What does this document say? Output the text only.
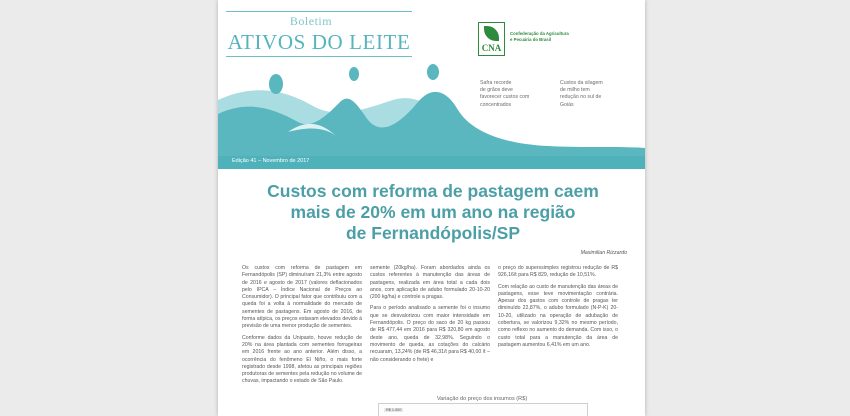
Boletim
ATIVOS DO LEITE	CNA
Confederação da Agricultura
e Pecuária do Brasil
Safra recorde
de grãos deve
favorecer custos com
concentrados
Custos da silagem
de milho tem
redução no sul de
Goiás
Edição 41 – Novembro de 2017
Custos com reforma de pastagem caem
mais de 20% em um ano na região
de Fernandópolis/SP
Maximilian Rizzardo

Os custos com reforma de pastagem em Fernandópolis (SP) diminuíram 21,3% entre agosto de 2016 e agosto de 2017 (valores deflacionados pelo IPCA – Índice Nacional de Preços ao Consumidor). O principal fator que contribuiu com a queda foi a volta à normalidade do mercado de sementes de pastagens. Em agosto de 2016, de forma atípica, os preços estavam elevados devido à previsão de uma menor produção de sementes.

Conforme dados da Unipasto, houve redução de 20% na área plantada com sementes forrageiras em 2016 frente ao ano anterior. Além disso, a ocorrência do fenômeno El Niño, o mais forte registrado desde 1998, afetou as principais regiões produtoras de sementes pela redução no volume de chuvas, impactando o estado de São Paulo.

semente (20kg/ha). Foram abordados ainda os custos referentes à manutenção das áreas de pastagens, realizada em área total a cada dois anos, com aplicação de adubo formulado 20-10-20 (200 kg/ha) e controle a pragas.

Para o período analisado a semente foi o insumo que se desvalorizou com maior intensidade em Fernandópolis. O preço do saco de 20 kg passou de R$ 477,44 em 2016 para R$ 320,80 em agosto deste ano, queda de 32,98%. Seguindo o movimento de queda, as cotações do calcário recuaram, 13,24% (de R$ 46,31/t para R$ 40,00 /t – não considerando o frete) e

o preço do superssimples registrou redução de R$ 926,16/t para R$ 829, redução de 10,51%.

Com relação ao custo de manutenção das áreas de pastagens, esse teve movimentação contrária. Apesar dos gastos com controle de pragas ter diminuído 22,87%, o adubo formulado (N-P-K) 20-10-20, utilizado na operação de adubação de cobertura, se valorizou 9,32% no mesmo período, como reflexo no aumento do demanda. Com isso, o custo total para a manutenção da área de pastagem aumentou 6,41% em um ano.

Variação do preço dos insumos (R$)
R$ 1.000
